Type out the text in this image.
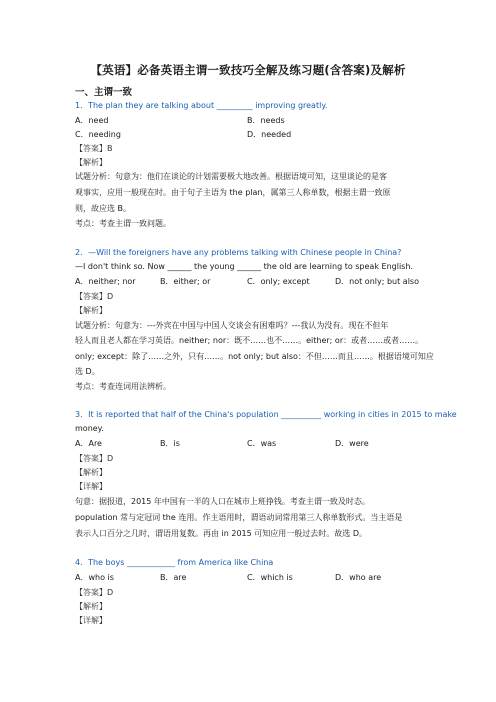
【英语】必备英语主谓一致技巧全解及练习题(含答案)及解析
一、主谓一致
1．The plan they are talking about _________ improving greatly.
A．need	B．needs
C．needing	D．needed
【答案】B
【解析】
试题分析：句意为：他们在谈论的计划需要极大地改善。根据语境可知，这里谈论的是客
观事实，应用一般现在时。由于句子主语为 the plan，属第三人称单数，根据主谓一致原
则，故应选 B。
考点：考查主谓一致问题。
2．—Will the foreigners have any problems talking with Chinese people in China?
—I don't think so. Now ______ the young ______ the old are learning to speak English.
A．neither; nor	B．either; or	C．only; except	D．not only; but also
【答案】D
【解析】
试题分析：句意为：---外宾在中国与中国人交谈会有困难吗？---我认为没有。现在不但年
轻人而且老人都在学习英语。neither; nor：既不……也不……。either; or：或者……或者……。
only; except：除了……之外，只有……。not only; but also：不但……而且……。根据语境可知应
选 D。
考点：考查连词用法辨析。
3．It is reported that half of the China's population __________ working in cities in 2015 to make
money.
A．Are	B．is	C．was	D．were
【答案】D
【解析】
【详解】
句意：据报道，2015 年中国有一半的人口在城市上班挣钱。考查主谓一致及时态。
population 常与定冠词 the 连用。作主语用时，谓语动词常用第三人称单数形式。当主语是
表示人口百分之几时，谓语用复数。再由 in 2015 可知应用一般过去时。故选 D。
4．The boys ____________ from America like China
A．who is	B．are	C．which is	D．who are
【答案】D
【解析】
【详解】
